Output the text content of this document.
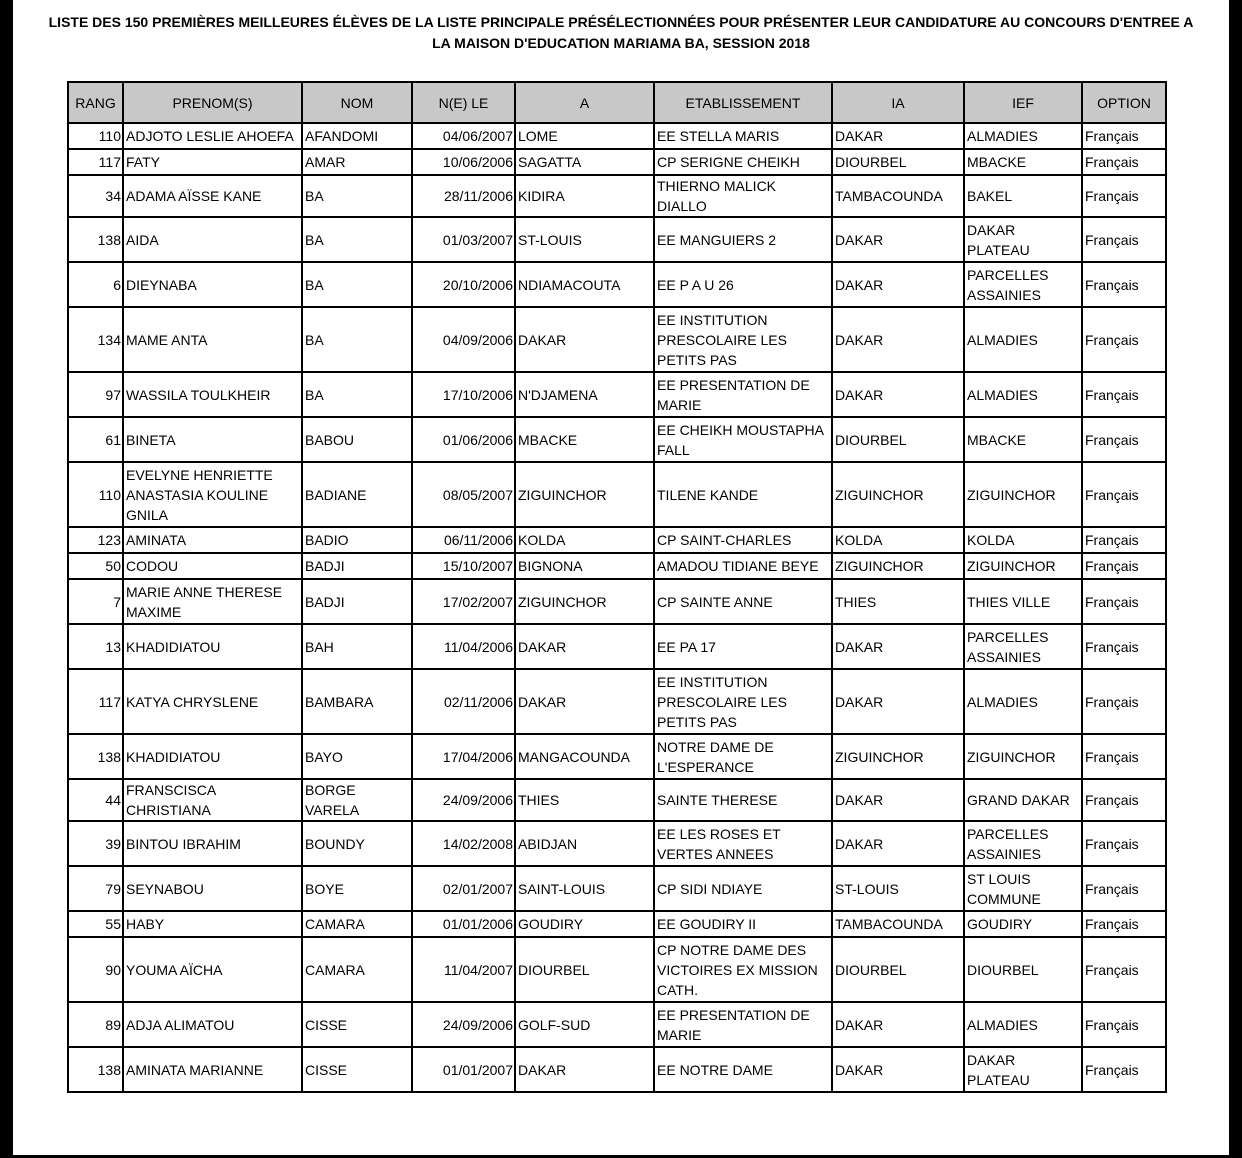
LISTE DES 150 PREMIÈRES MEILLEURES ÉLÈVES DE LA LISTE PRINCIPALE PRÉSÉLECTIONNÉES POUR PRÉSENTER LEUR CANDIDATURE AU CONCOURS D'ENTREE A
LA MAISON D'EDUCATION MARIAMA BA, SESSION 2018
RANG	PRENOM(S)	NOM	N(E) LE	A	ETABLISSEMENT	IA	IEF	OPTION
110	ADJOTO LESLIE AHOEFA	AFANDOMI	04/06/2007	LOME	EE STELLA MARIS	DAKAR	ALMADIES	Français
117	FATY	AMAR	10/06/2006	SAGATTA	CP SERIGNE CHEIKH	DIOURBEL	MBACKE	Français
34	ADAMA AÏSSE KANE	BA	28/11/2006	KIDIRA	THIERNO MALICK DIALLO	TAMBACOUNDA	BAKEL	Français
138	AIDA	BA	01/03/2007	ST-LOUIS	EE MANGUIERS 2	DAKAR	DAKAR PLATEAU	Français
6	DIEYNABA	BA	20/10/2006	NDIAMACOUTA	EE P A U 26	DAKAR	PARCELLES ASSAINIES	Français
134	MAME ANTA	BA	04/09/2006	DAKAR	EE INSTITUTION PRESCOLAIRE LES PETITS PAS	DAKAR	ALMADIES	Français
97	WASSILA TOULKHEIR	BA	17/10/2006	N'DJAMENA	EE PRESENTATION DE MARIE	DAKAR	ALMADIES	Français
61	BINETA	BABOU	01/06/2006	MBACKE	EE CHEIKH MOUSTAPHA FALL	DIOURBEL	MBACKE	Français
110	EVELYNE HENRIETTE ANASTASIA KOULINE GNILA	BADIANE	08/05/2007	ZIGUINCHOR	TILENE KANDE	ZIGUINCHOR	ZIGUINCHOR	Français
123	AMINATA	BADIO	06/11/2006	KOLDA	CP SAINT-CHARLES	KOLDA	KOLDA	Français
50	CODOU	BADJI	15/10/2007	BIGNONA	AMADOU TIDIANE BEYE	ZIGUINCHOR	ZIGUINCHOR	Français
7	MARIE ANNE THERESE MAXIME	BADJI	17/02/2007	ZIGUINCHOR	CP SAINTE ANNE	THIES	THIES VILLE	Français
13	KHADIDIATOU	BAH	11/04/2006	DAKAR	EE PA 17	DAKAR	PARCELLES ASSAINIES	Français
117	KATYA CHRYSLENE	BAMBARA	02/11/2006	DAKAR	EE INSTITUTION PRESCOLAIRE LES PETITS PAS	DAKAR	ALMADIES	Français
138	KHADIDIATOU	BAYO	17/04/2006	MANGACOUNDA	NOTRE DAME DE L'ESPERANCE	ZIGUINCHOR	ZIGUINCHOR	Français
44	FRANSCISCA CHRISTIANA	BORGE VARELA	24/09/2006	THIES	SAINTE THERESE	DAKAR	GRAND DAKAR	Français
39	BINTOU IBRAHIM	BOUNDY	14/02/2008	ABIDJAN	EE LES ROSES ET VERTES ANNEES	DAKAR	PARCELLES ASSAINIES	Français
79	SEYNABOU	BOYE	02/01/2007	SAINT-LOUIS	CP SIDI NDIAYE	ST-LOUIS	ST LOUIS COMMUNE	Français
55	HABY	CAMARA	01/01/2006	GOUDIRY	EE GOUDIRY II	TAMBACOUNDA	GOUDIRY	Français
90	YOUMA AÏCHA	CAMARA	11/04/2007	DIOURBEL	CP NOTRE DAME DES VICTOIRES EX MISSION CATH.	DIOURBEL	DIOURBEL	Français
89	ADJA ALIMATOU	CISSE	24/09/2006	GOLF-SUD	EE PRESENTATION DE MARIE	DAKAR	ALMADIES	Français
138	AMINATA MARIANNE	CISSE	01/01/2007	DAKAR	EE NOTRE DAME	DAKAR	DAKAR PLATEAU	Français
